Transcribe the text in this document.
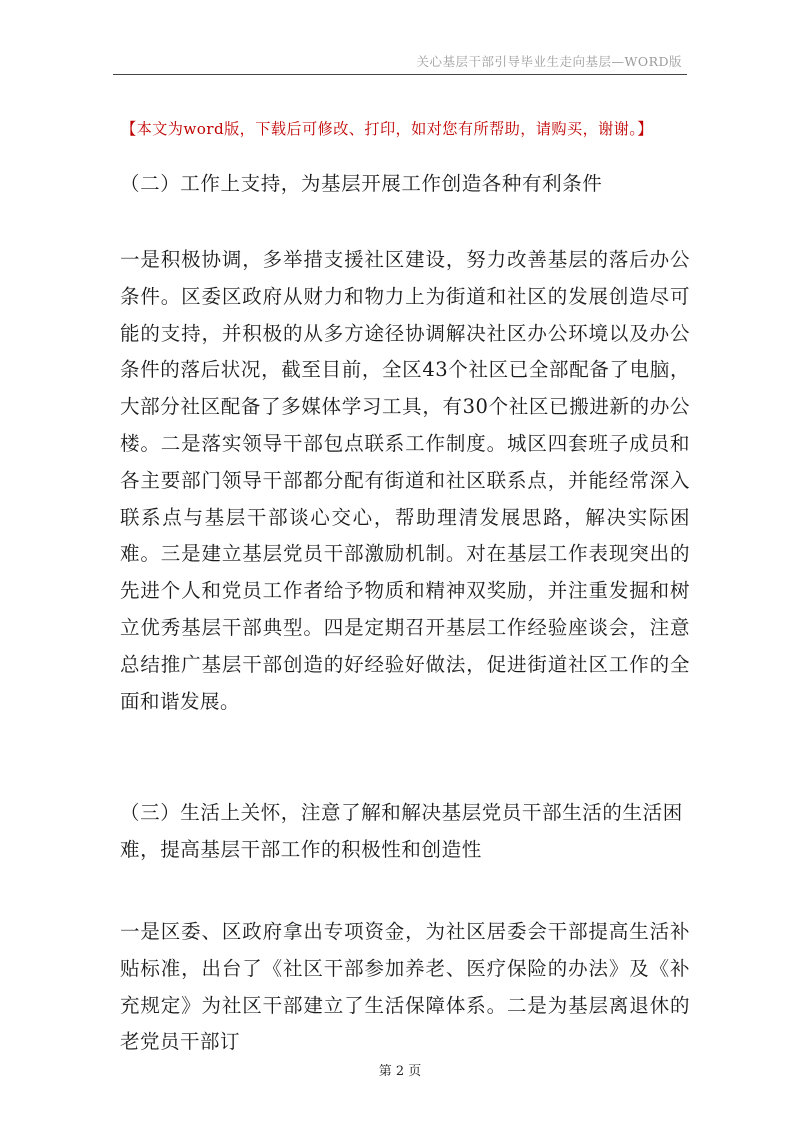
关心基层干部引导毕业生走向基层—WORD版
【本文为word版，下载后可修改、打印，如对您有所帮助，请购买，谢谢。】
（二）工作上支持，为基层开展工作创造各种有利条件
一是积极协调，多举措支援社区建设，努力改善基层的落后办公条件。区委区政府从财力和物力上为街道和社区的发展创造尽可能的支持，并积极的从多方途径协调解决社区办公环境以及办公条件的落后状况，截至目前，全区43个社区已全部配备了电脑，大部分社区配备了多媒体学习工具，有30个社区已搬进新的办公楼。二是落实领导干部包点联系工作制度。城区四套班子成员和各主要部门领导干部都分配有街道和社区联系点，并能经常深入联系点与基层干部谈心交心，帮助理清发展思路，解决实际困难。三是建立基层党员干部激励机制。对在基层工作表现突出的先进个人和党员工作者给予物质和精神双奖励，并注重发掘和树立优秀基层干部典型。四是定期召开基层工作经验座谈会，注意总结推广基层干部创造的好经验好做法，促进街道社区工作的全面和谐发展。
（三）生活上关怀，注意了解和解决基层党员干部生活的生活困难，提高基层干部工作的积极性和创造性
一是区委、区政府拿出专项资金，为社区居委会干部提高生活补贴标准，出台了《社区干部参加养老、医疗保险的办法》及《补充规定》为社区干部建立了生活保障体系。二是为基层离退休的老党员干部订
第 2 页
